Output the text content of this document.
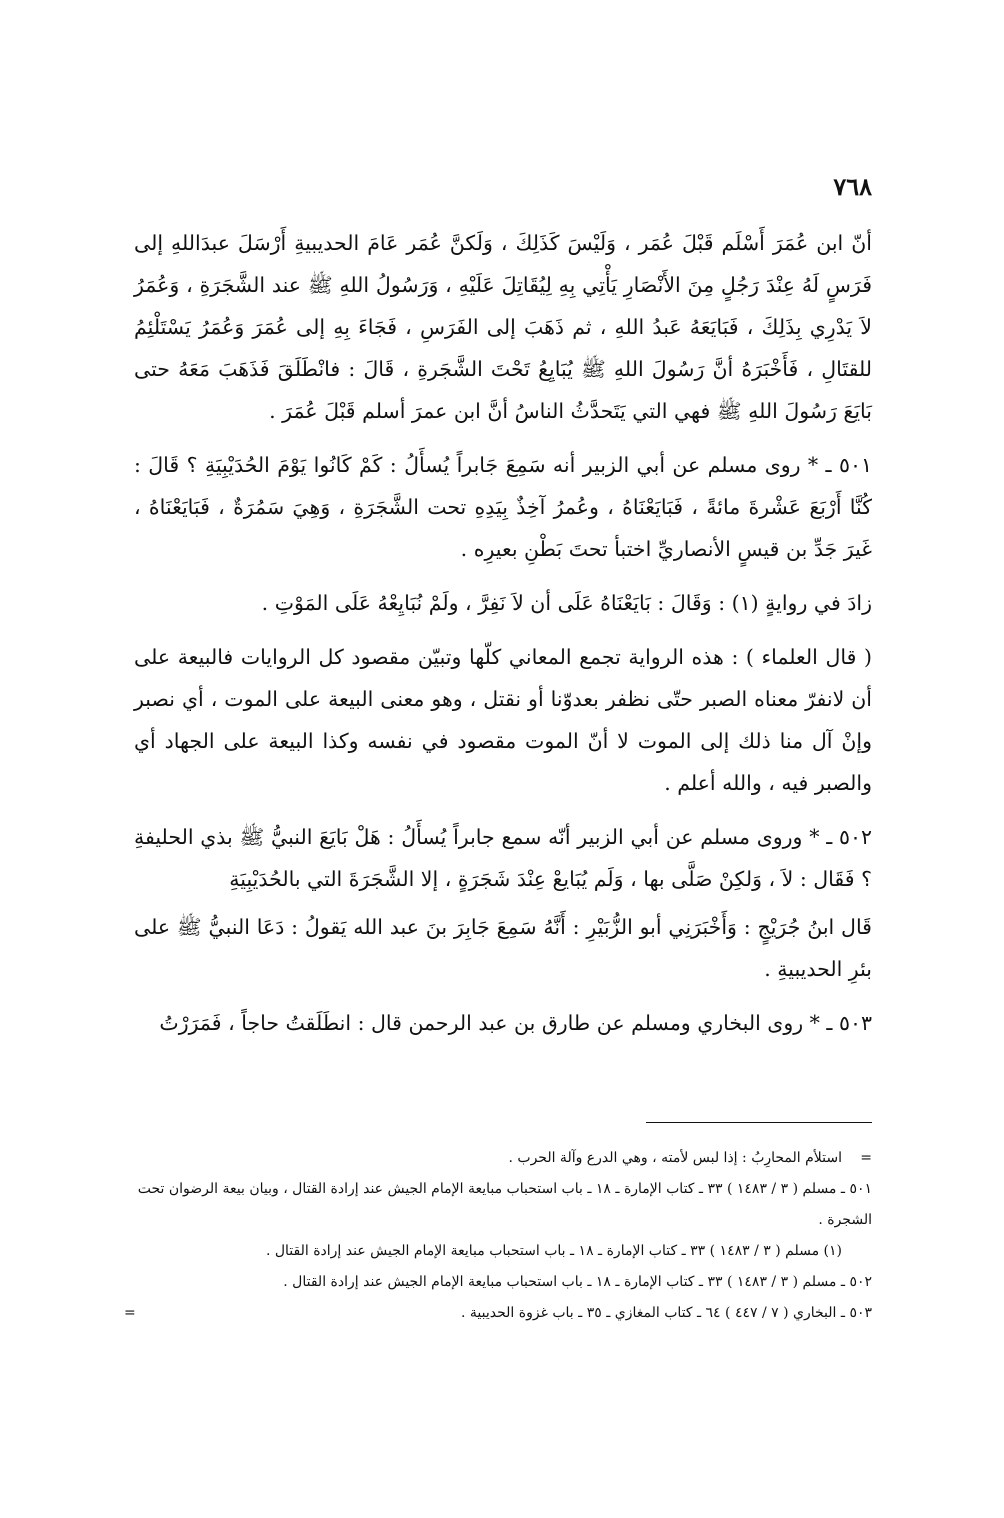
٧٦٨

أنّ ابن عُمَرَ أَسْلَم قَبْلَ عُمَر ، وَلَيْسَ كَذَلِكَ ، وَلَكنَّ عُمَر عَامَ الحديبيةِ أَرْسَلَ عبدَاللهِ إلى فَرَسٍ لَهُ عِنْدَ رَجُلٍ مِنَ الأَنْصَارِ يَأْتِي بِهِ لِيُقَاتِلَ عَلَيْهِ ، وَرَسُولُ اللهِ ﷺ عند الشَّجَرَةِ ، وَعُمَرُ لاَ يَدْرِي بِذَلِكَ ، فَبَايَعَهُ عَبدُ اللهِ ، ثم ذَهَبَ إلى الفَرَسِ ، فَجَاءَ بِهِ إلى عُمَرَ وَعُمَرُ يَسْتَلْئِمُ للقتَالِ ، فَأَخْبَرَهُ أنَّ رَسُولَ اللهِ ﷺ يُبَايِعُ تَحْتَ الشَّجَرةِ ، قَالَ : فانْطَلَقَ فَذَهَبَ مَعَهُ حتى بَايَعَ رَسُولَ اللهِ ﷺ فهي التي يَتَحدَّثُ الناسُ أنَّ ابن عمرَ أسلم قَبْلَ عُمَرَ .

٥٠١ ـ * روى مسلم عن أبي الزبير أنه سَمِعَ جَابراً يُسأَلُ : كَمْ كَانُوا يَوْمَ الحُدَيْبِيَةِ ؟ قَالَ : كُنَّا أَرْبَعَ عَشْرةَ مائةً ، فَبَايَعْنَاهُ ، وعُمرُ آخِذٌ بِيَدِهِ تحت الشَّجَرَةِ ، وَهِيَ سَمُرَةٌ ، فَبَايَعْنَاهُ ، غَيرَ جَدِّ بن قيسٍ الأنصاريِّ اختبأ تحتَ بَطْنِ بعيرِه .

زادَ في روايةٍ (١) : وَقَالَ : بَايَعْنَاهُ عَلَى أن لاَ نَفِرَّ ، ولَمْ نُبَايِعْهُ عَلَى المَوْتِ .

( قال العلماء ) : هذه الرواية تجمع المعاني كلّها وتبيّن مقصود كل الروايات فالبيعة على أن لانفرّ معناه الصبر حتّى نظفر بعدوّنا أو نقتل ، وهو معنى البيعة على الموت ، أي نصبر وإنْ آل منا ذلك إلى الموت لا أنّ الموت مقصود في نفسه وكذا البيعة على الجهاد أي والصبر فيه ، والله أعلم .

٥٠٢ ـ * وروى مسلم عن أبي الزبير أنّه سمع جابراً يُسأَلُ : هَلْ بَايَعَ النبيُّ ﷺ بذي الحليفةِ ؟ فَقَال : لاَ ، وَلكِنْ صَلَّى بها ، وَلَم يُبَايعْ عِنْدَ شَجَرَةٍ ، إلا الشَّجَرَةَ التي بالحُدَيْبِيَةِ

قَال ابنُ جُرَيْجٍ : وَأَخْبَرَنِي أبو الزُّبَيْرِ : أَنَّهُ سَمِعَ جَابِرَ بنَ عبد الله يَقولُ : دَعَا النبيُّ ﷺ على بئرِ الحديبيةِ .

٥٠٣ ـ * روى البخاري ومسلم عن طارق بن عبد الرحمن قال : انطَلَقتُ حاجاً ، فَمَرَرْتُ

=
استلأم المحارِبُ : إذا لبس لأمته ، وهي الدرع وآلة الحرب .

٥٠١ ـ مسلم ( ٣ / ١٤٨٣ ) ٣٣ ـ كتاب الإمارة ـ ١٨ ـ باب استحباب مبايعة الإمام الجيش عند إرادة القتال ، وبيان بيعة الرضوان تحت الشجرة .

(١) مسلم ( ٣ / ١٤٨٣ ) ٣٣ ـ كتاب الإمارة ـ ١٨ ـ باب استحباب مبايعة الإمام الجيش عند إرادة القتال .

٥٠٢ ـ مسلم ( ٣ / ١٤٨٣ ) ٣٣ ـ كتاب الإمارة ـ ١٨ ـ باب استحباب مبايعة الإمام الجيش عند إرادة القتال .

٥٠٣ ـ البخاري ( ٧ / ٤٤٧ ) ٦٤ ـ كتاب المغازي ـ ٣٥ ـ باب غزوة الحديبية .
=
